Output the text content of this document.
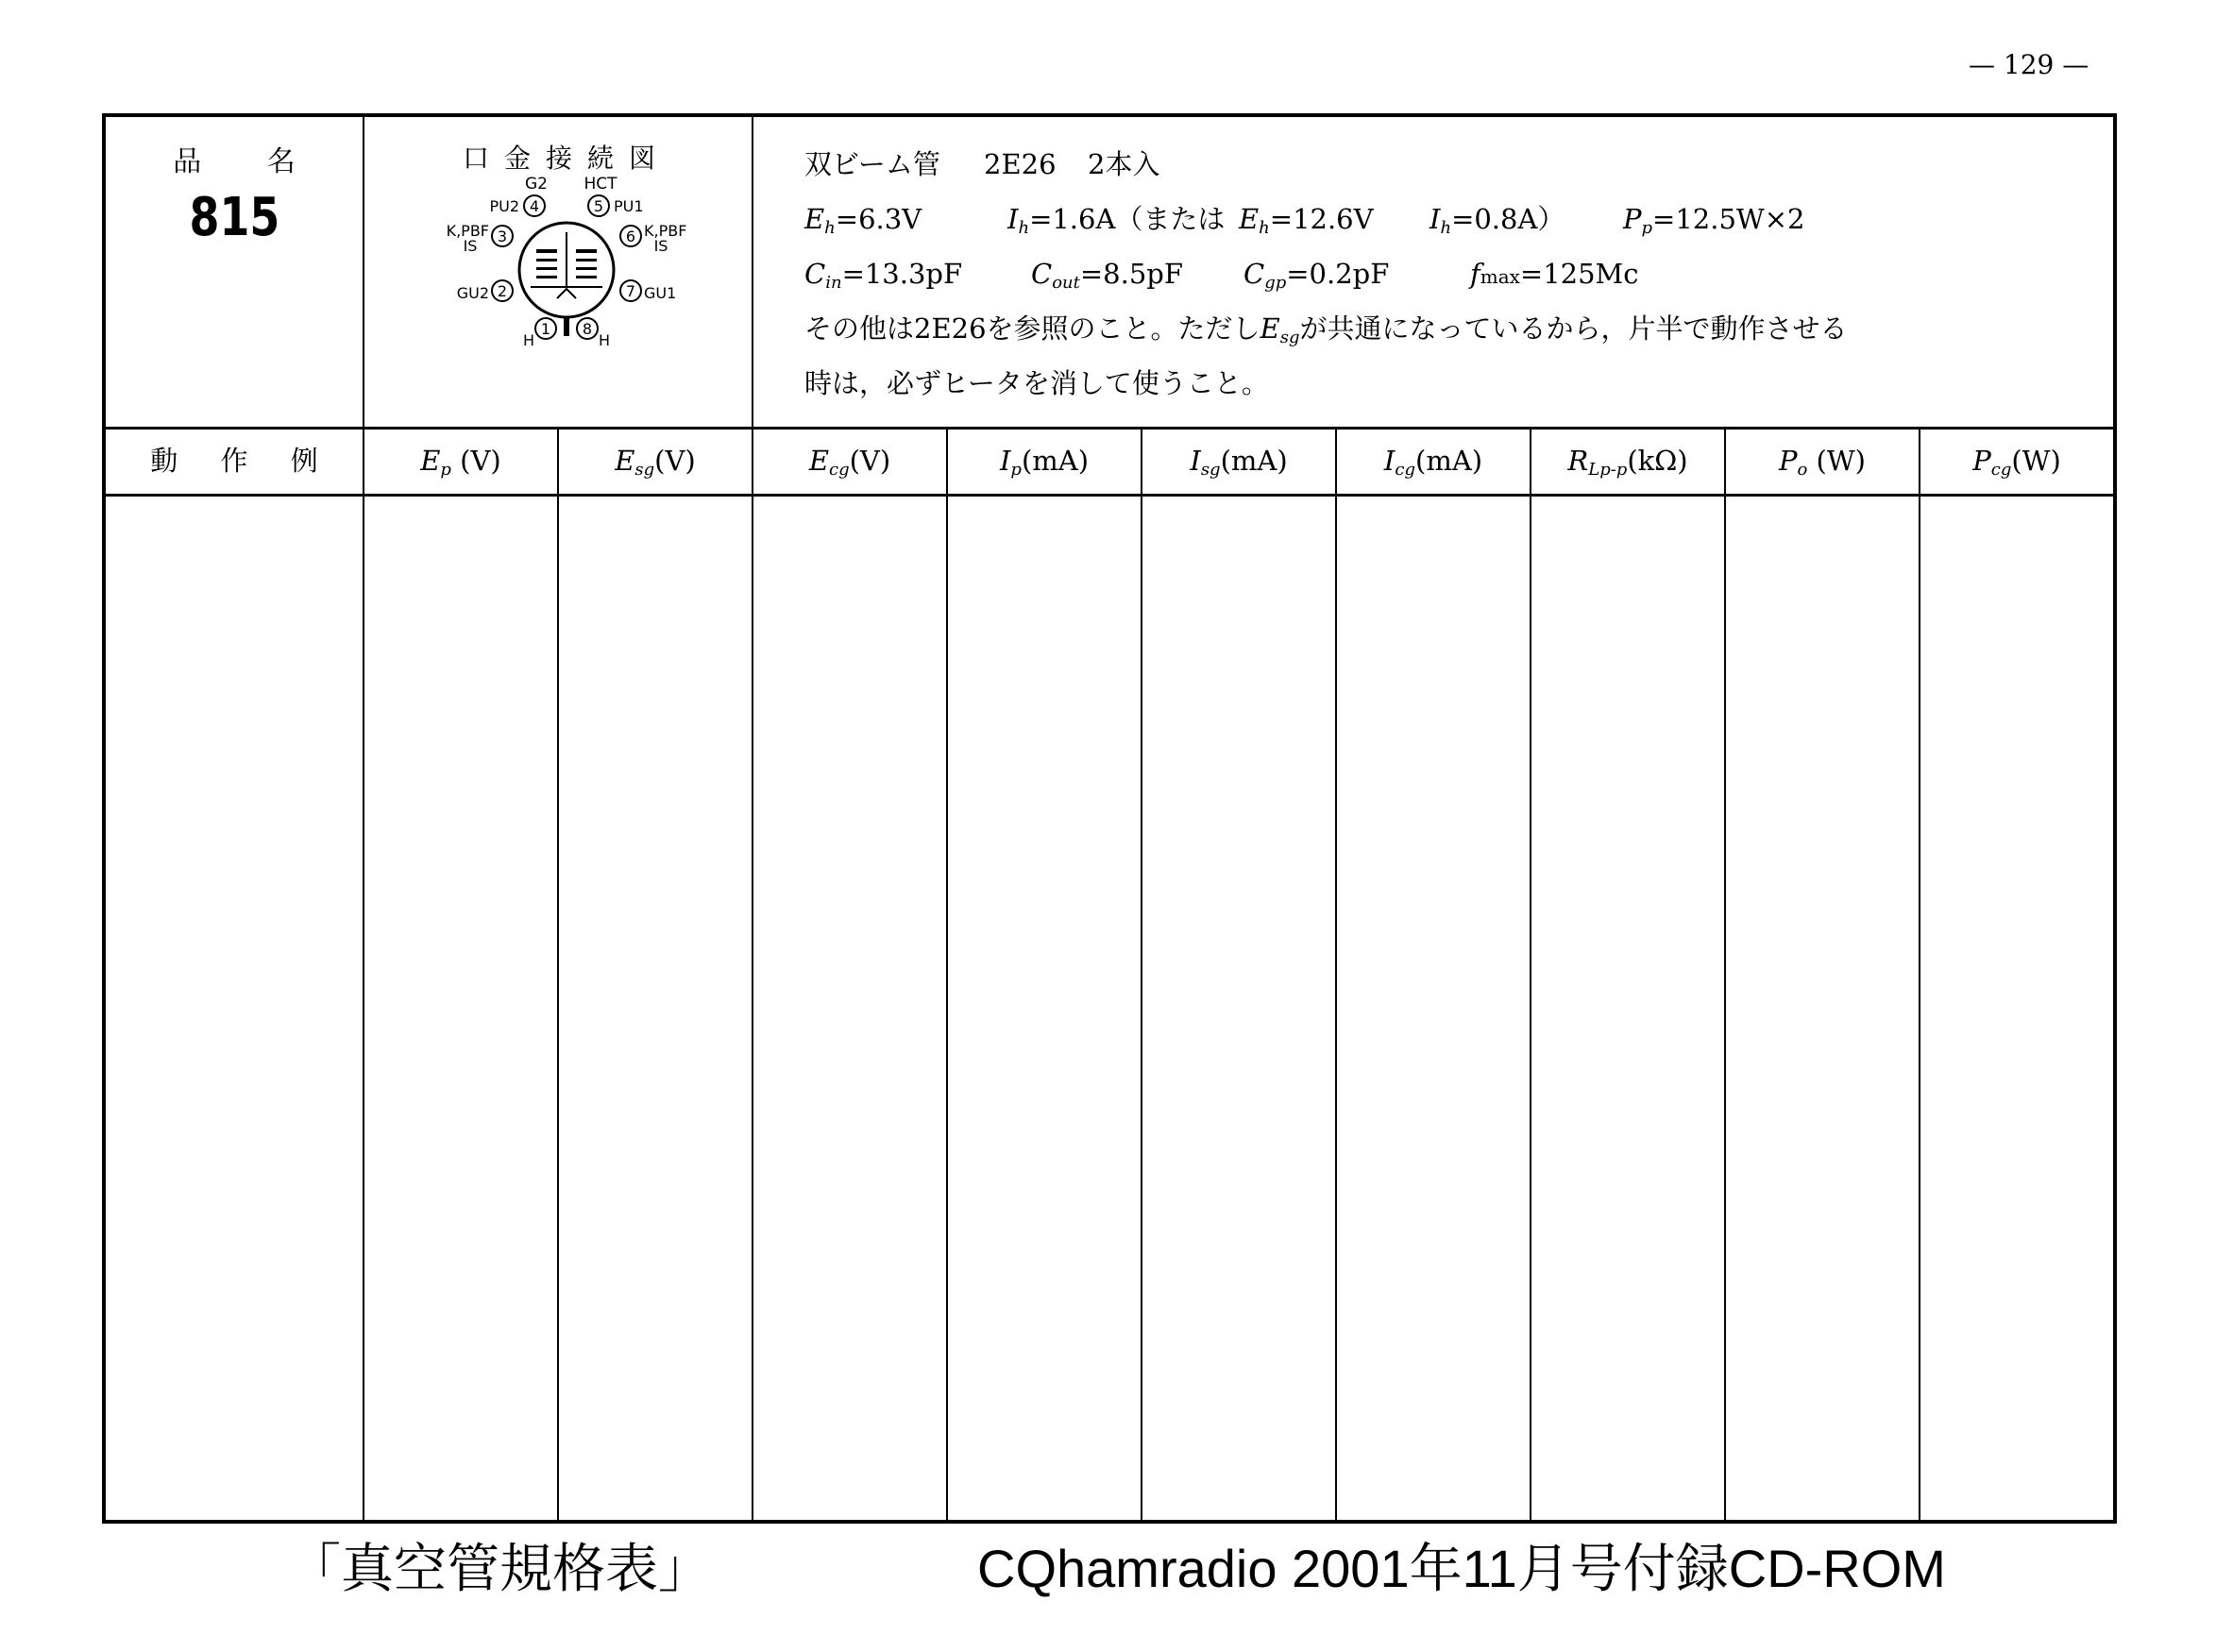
— 129 —
品 名
815
口金接続図
4	5
3	6
2	7
1 8
G2 HCT
PU2	PU1
K,PBF
IS
K,PBF
IS
GU2	GU1
H	H
双ビーム管 2E26 2本入
$E_h=6.3V$	$I_h=1.6A$（または $E_h=12.6V$ $I_h=0.8A$） $P_p=12.5W\times 2$
$C_{in}=13.3pF$	$C_{out}=8.5pF$ $C_{gp}=0.2pF$	fmax=125Mc
その他は2E26を参照のこと。ただし$E_{sg}$が共通になっているから，片半で動作させる
時は，必ずヒータを消して使うこと。
動 作 例	$E_p$ (V)	$E_{sg}(V)$	$E_{cg}(V)$	$I_p(mA)$	$I_{sg}(mA)$	$I_{cg}(mA)$	$R_{Lp-p}(k\Omega)$	$P_o$ (W)	$P_{cg}(W)$
「真空管規格表」	CQhamradio 2001年11月号付録CD-ROM
